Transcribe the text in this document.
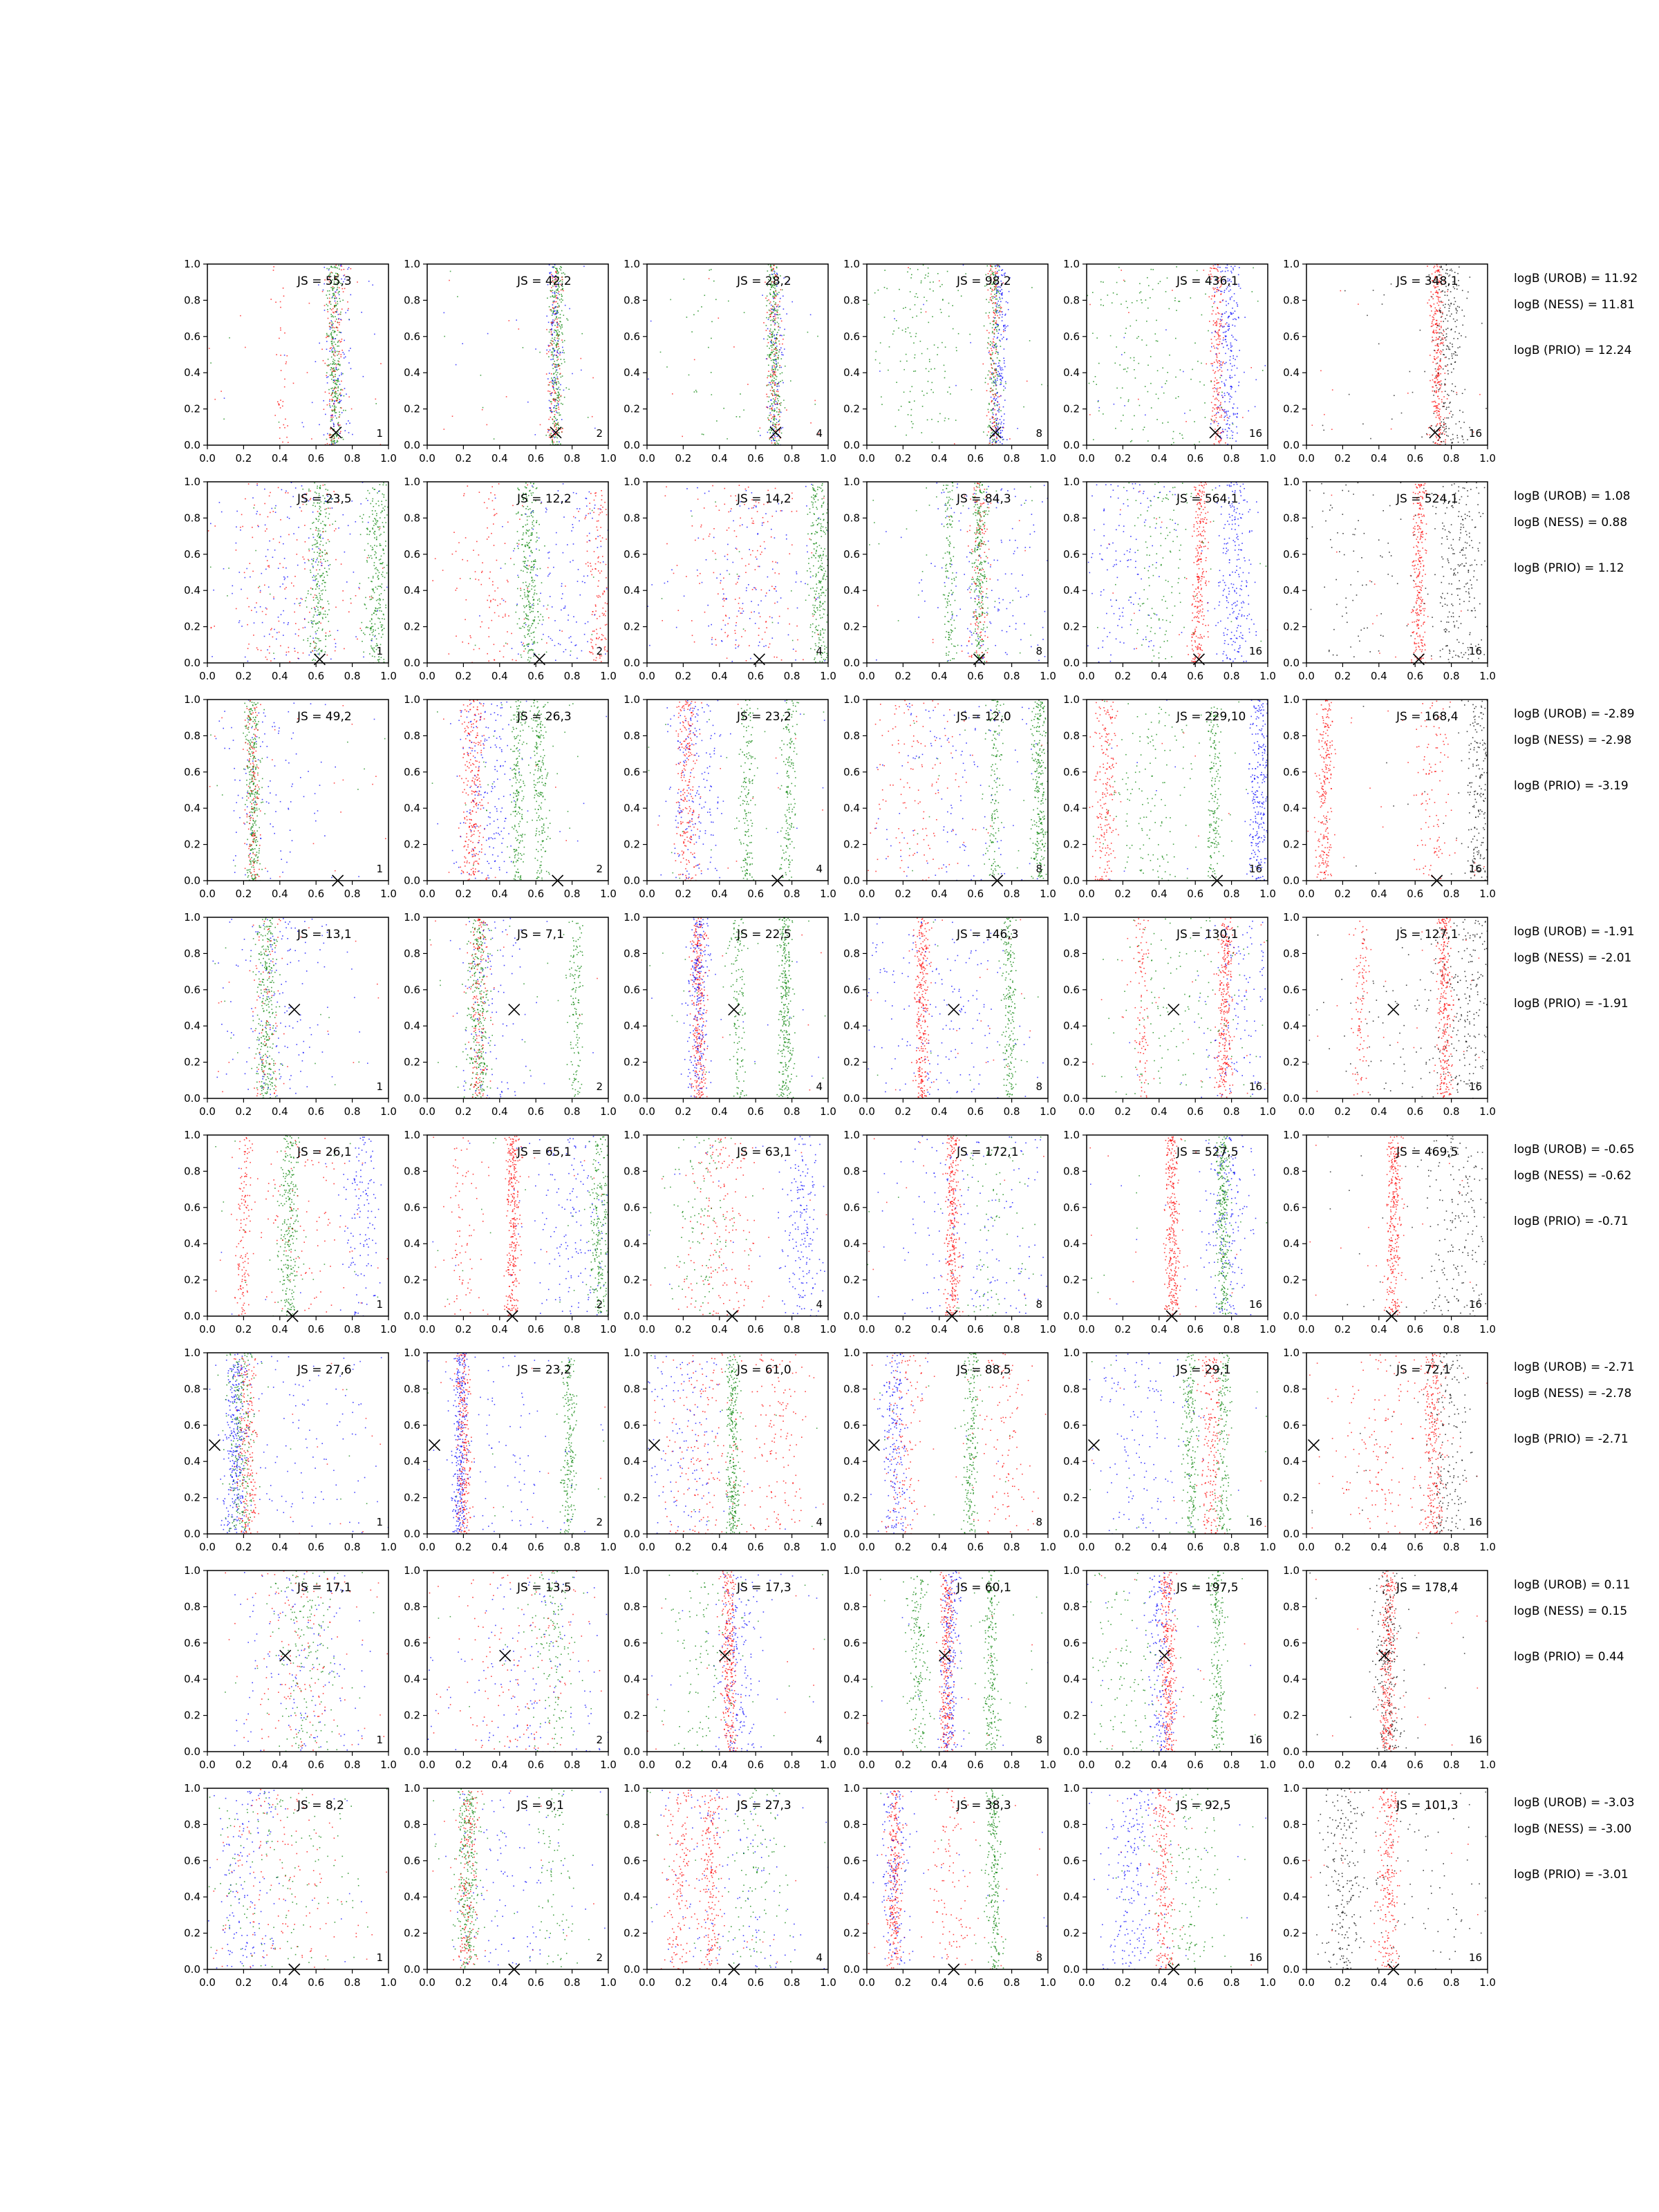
0.0 0.2 0.4 0.6 0.8 1.0
0.0
0.2
0.4
0.6
0.8
1.0
JS = 55,3
1
0.0 0.2 0.4 0.6 0.8 1.0
0.0
0.2
0.4
0.6
0.8
1.0
JS = 42,2
2
0.0 0.2 0.4 0.6 0.8 1.0
0.0
0.2
0.4
0.6
0.8
1.0
JS = 28,2
4
0.0 0.2 0.4 0.6 0.8 1.0
0.0
0.2
0.4
0.6
0.8
1.0
JS = 98,2
8
0.0 0.2 0.4 0.6 0.8 1.0
0.0
0.2
0.4
0.6
0.8
1.0
JS = 436,1
16
0.0 0.2 0.4 0.6 0.8 1.0
0.0
0.2
0.4
0.6
0.8
1.0
JS = 348,1
16
0.0 0.2 0.4 0.6 0.8 1.0
0.0
0.2
0.4
0.6
0.8
1.0
JS = 23,5
1
0.0 0.2 0.4 0.6 0.8 1.0
0.0
0.2
0.4
0.6
0.8
1.0
JS = 12,2
2
0.0 0.2 0.4 0.6 0.8 1.0
0.0
0.2
0.4
0.6
0.8
1.0
JS = 14,2
4
0.0 0.2 0.4 0.6 0.8 1.0
0.0
0.2
0.4
0.6
0.8
1.0
JS = 84,3
8
0.0 0.2 0.4 0.6 0.8 1.0
0.0
0.2
0.4
0.6
0.8
1.0
JS = 564,1
16
0.0 0.2 0.4 0.6 0.8 1.0
0.0
0.2
0.4
0.6
0.8
1.0
JS = 524,1
16
0.0 0.2 0.4 0.6 0.8 1.0
0.0
0.2
0.4
0.6
0.8
1.0
JS = 49,2
1
0.0 0.2 0.4 0.6 0.8 1.0
0.0
0.2
0.4
0.6
0.8
1.0
JS = 26,3
2
0.0 0.2 0.4 0.6 0.8 1.0
0.0
0.2
0.4
0.6
0.8
1.0
JS = 23,2
4
0.0 0.2 0.4 0.6 0.8 1.0
0.0
0.2
0.4
0.6
0.8
1.0
JS = 12,0
8
0.0 0.2 0.4 0.6 0.8 1.0
0.0
0.2
0.4
0.6
0.8
1.0
JS = 229,10
16
0.0 0.2 0.4 0.6 0.8 1.0
0.0
0.2
0.4
0.6
0.8
1.0
JS = 168,4
16
0.0 0.2 0.4 0.6 0.8 1.0
0.0
0.2
0.4
0.6
0.8
1.0
JS = 13,1
1
0.0 0.2 0.4 0.6 0.8 1.0
0.0
0.2
0.4
0.6
0.8
1.0
JS = 7,1
2
0.0 0.2 0.4 0.6 0.8 1.0
0.0
0.2
0.4
0.6
0.8
1.0
JS = 22,5
4
0.0 0.2 0.4 0.6 0.8 1.0
0.0
0.2
0.4
0.6
0.8
1.0
JS = 146,3
8
0.0 0.2 0.4 0.6 0.8 1.0
0.0
0.2
0.4
0.6
0.8
1.0
JS = 130,1
16
0.0 0.2 0.4 0.6 0.8 1.0
0.0
0.2
0.4
0.6
0.8
1.0
JS = 127,1
16
0.0 0.2 0.4 0.6 0.8 1.0
0.0
0.2
0.4
0.6
0.8
1.0
JS = 26,1
1
0.0 0.2 0.4 0.6 0.8 1.0
0.0
0.2
0.4
0.6
0.8
1.0
JS = 65,1
2
0.0 0.2 0.4 0.6 0.8 1.0
0.0
0.2
0.4
0.6
0.8
1.0
JS = 63,1
4
0.0 0.2 0.4 0.6 0.8 1.0
0.0
0.2
0.4
0.6
0.8
1.0
JS = 172,1
8
0.0 0.2 0.4 0.6 0.8 1.0
0.0
0.2
0.4
0.6
0.8
1.0
JS = 527,5
16
0.0 0.2 0.4 0.6 0.8 1.0
0.0
0.2
0.4
0.6
0.8
1.0
JS = 469,5
16
0.0 0.2 0.4 0.6 0.8 1.0
0.0
0.2
0.4
0.6
0.8
1.0
JS = 27,6
1
0.0 0.2 0.4 0.6 0.8 1.0
0.0
0.2
0.4
0.6
0.8
1.0
JS = 23,2
2
0.0 0.2 0.4 0.6 0.8 1.0
0.0
0.2
0.4
0.6
0.8
1.0
JS = 61,0
4
0.0 0.2 0.4 0.6 0.8 1.0
0.0
0.2
0.4
0.6
0.8
1.0
JS = 88,5
8
0.0 0.2 0.4 0.6 0.8 1.0
0.0
0.2
0.4
0.6
0.8
1.0
JS = 29,1
16
0.0 0.2 0.4 0.6 0.8 1.0
0.0
0.2
0.4
0.6
0.8
1.0
JS = 72,1
16
0.0 0.2 0.4 0.6 0.8 1.0
0.0
0.2
0.4
0.6
0.8
1.0
JS = 17,1
1
0.0 0.2 0.4 0.6 0.8 1.0
0.0
0.2
0.4
0.6
0.8
1.0
JS = 13,5
2
0.0 0.2 0.4 0.6 0.8 1.0
0.0
0.2
0.4
0.6
0.8
1.0
JS = 17,3
4
0.0 0.2 0.4 0.6 0.8 1.0
0.0
0.2
0.4
0.6
0.8
1.0
JS = 60,1
8
0.0 0.2 0.4 0.6 0.8 1.0
0.0
0.2
0.4
0.6
0.8
1.0
JS = 197,5
16
0.0 0.2 0.4 0.6 0.8 1.0
0.0
0.2
0.4
0.6
0.8
1.0
JS = 178,4
16
0.0 0.2 0.4 0.6 0.8 1.0
0.0
0.2
0.4
0.6
0.8
1.0
JS = 8,2
1
0.0 0.2 0.4 0.6 0.8 1.0
0.0
0.2
0.4
0.6
0.8
1.0
JS = 9,1
2
0.0 0.2 0.4 0.6 0.8 1.0
0.0
0.2
0.4
0.6
0.8
1.0
JS = 27,3
4
0.0 0.2 0.4 0.6 0.8 1.0
0.0
0.2
0.4
0.6
0.8
1.0
JS = 38,3
8
0.0 0.2 0.4 0.6 0.8 1.0
0.0
0.2
0.4
0.6
0.8
1.0
JS = 92,5
16
0.0 0.2 0.4 0.6 0.8 1.0
0.0
0.2
0.4
0.6
0.8
1.0
JS = 101,3
16
logB (UROB) = 11.92
logB (NESS) = 11.81
logB (PRIO) = 12.24
logB (UROB) = 1.08
logB (NESS) = 0.88
logB (PRIO) = 1.12
logB (UROB) = -2.89
logB (NESS) = -2.98
logB (PRIO) = -3.19
logB (UROB) = -1.91
logB (NESS) = -2.01
logB (PRIO) = -1.91
logB (UROB) = -0.65
logB (NESS) = -0.62
logB (PRIO) = -0.71
logB (UROB) = -2.71
logB (NESS) = -2.78
logB (PRIO) = -2.71
logB (UROB) = 0.11
logB (NESS) = 0.15
logB (PRIO) = 0.44
logB (UROB) = -3.03
logB (NESS) = -3.00
logB (PRIO) = -3.01
